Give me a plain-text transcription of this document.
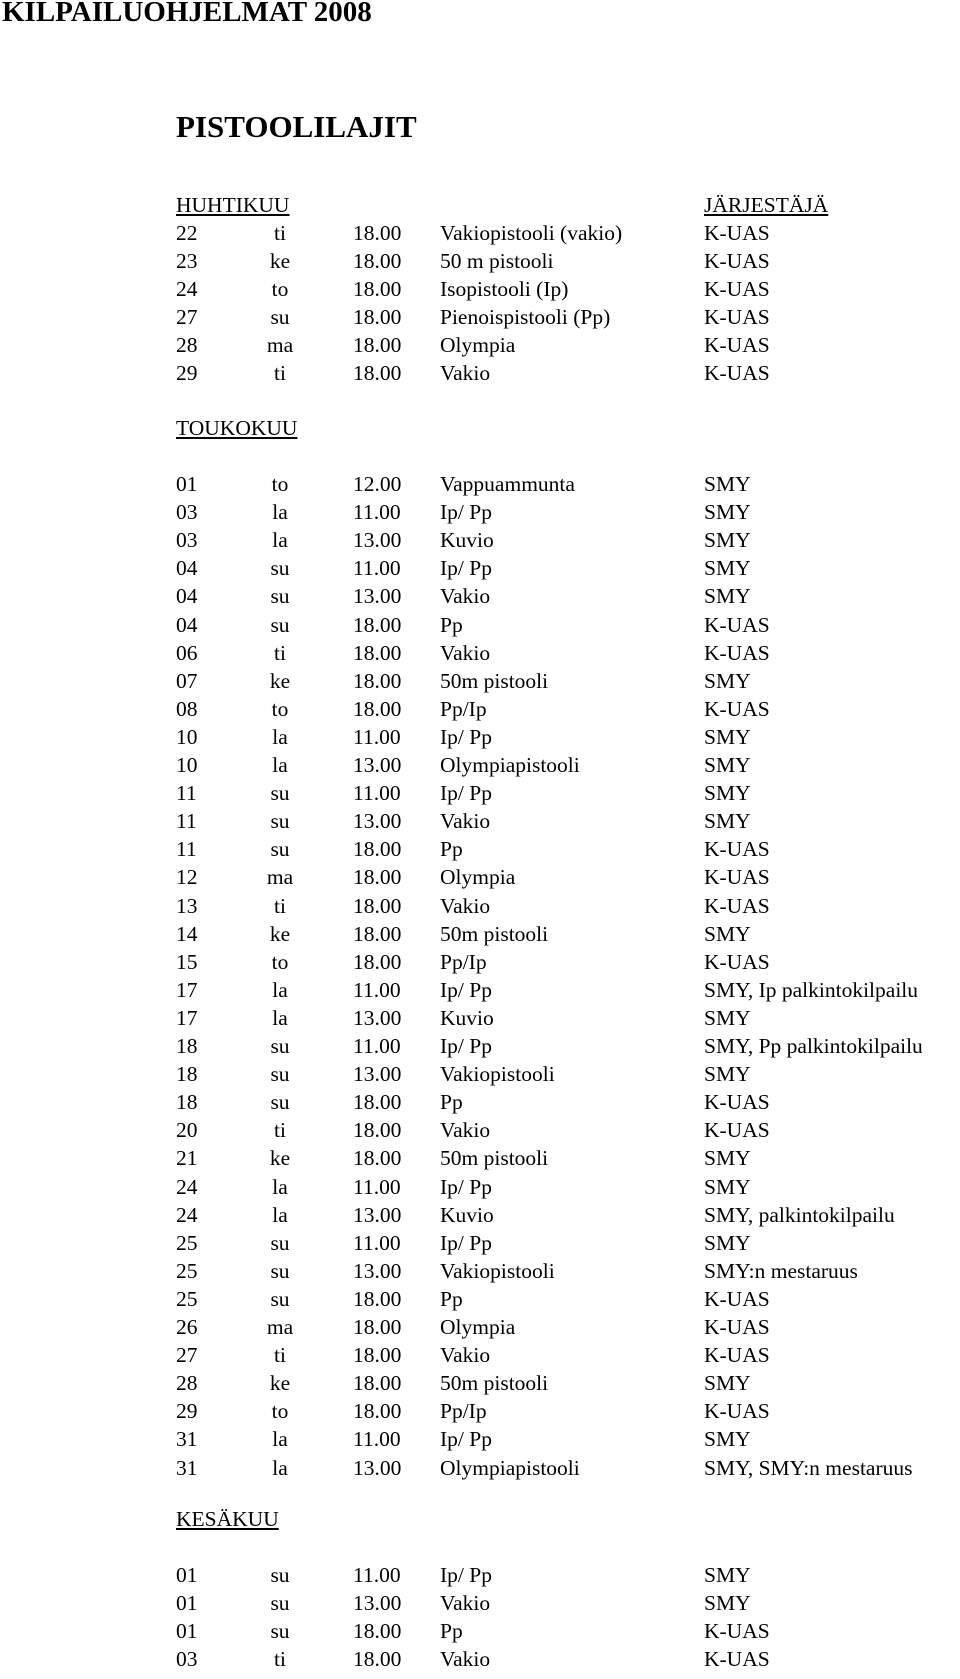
KILPAILUOHJELMAT 2008
PISTOOLILAJIT
JÄRJESTÄJÄ
HUHTIKUU
22	ti	18.00 Vakiopistooli (vakio)	K-UAS
23	ke	18.00 50 m pistooli	K-UAS
24	to	18.00 Isopistooli (Ip)	K-UAS
27	su	18.00 Pienoispistooli (Pp)	K-UAS
28	ma	18.00 Olympia	K-UAS
29	ti	18.00 Vakio	K-UAS
TOUKOKUU
01	to	12.00 Vappuammunta	SMY
03	la	11.00 Ip/ Pp	SMY
03	la	13.00 Kuvio	SMY
04	su	11.00 Ip/ Pp	SMY
04	su	13.00 Vakio	SMY
04	su	18.00 Pp	K-UAS
06	ti	18.00 Vakio	K-UAS
07	ke	18.00 50m pistooli	SMY
08	to	18.00 Pp/Ip	K-UAS
10	la	11.00 Ip/ Pp	SMY
10	la	13.00 Olympiapistooli	SMY
11	su	11.00 Ip/ Pp	SMY
11	su	13.00 Vakio	SMY
11	su	18.00 Pp	K-UAS
12	ma	18.00 Olympia	K-UAS
13	ti	18.00 Vakio	K-UAS
14	ke	18.00 50m pistooli	SMY
15	to	18.00 Pp/Ip	K-UAS
17	la	11.00 Ip/ Pp	SMY, Ip palkintokilpailu
17	la	13.00 Kuvio	SMY
18	su	11.00 Ip/ Pp	SMY, Pp palkintokilpailu
18	su	13.00 Vakiopistooli	SMY
18	su	18.00 Pp	K-UAS
20	ti	18.00 Vakio	K-UAS
21	ke	18.00 50m pistooli	SMY
24	la	11.00 Ip/ Pp	SMY
24	la	13.00 Kuvio	SMY, palkintokilpailu
25	su	11.00 Ip/ Pp	SMY
25	su	13.00 Vakiopistooli	SMY:n mestaruus
25	su	18.00 Pp	K-UAS
26	ma	18.00 Olympia	K-UAS
27	ti	18.00 Vakio	K-UAS
28	ke	18.00 50m pistooli	SMY
29	to	18.00 Pp/Ip	K-UAS
31	la	11.00 Ip/ Pp	SMY
31	la	13.00 Olympiapistooli	SMY, SMY:n mestaruus
KESÄKUU
01	su	11.00 Ip/ Pp	SMY
01	su	13.00 Vakio	SMY
01	su	18.00 Pp	K-UAS
03	ti	18.00 Vakio	K-UAS
